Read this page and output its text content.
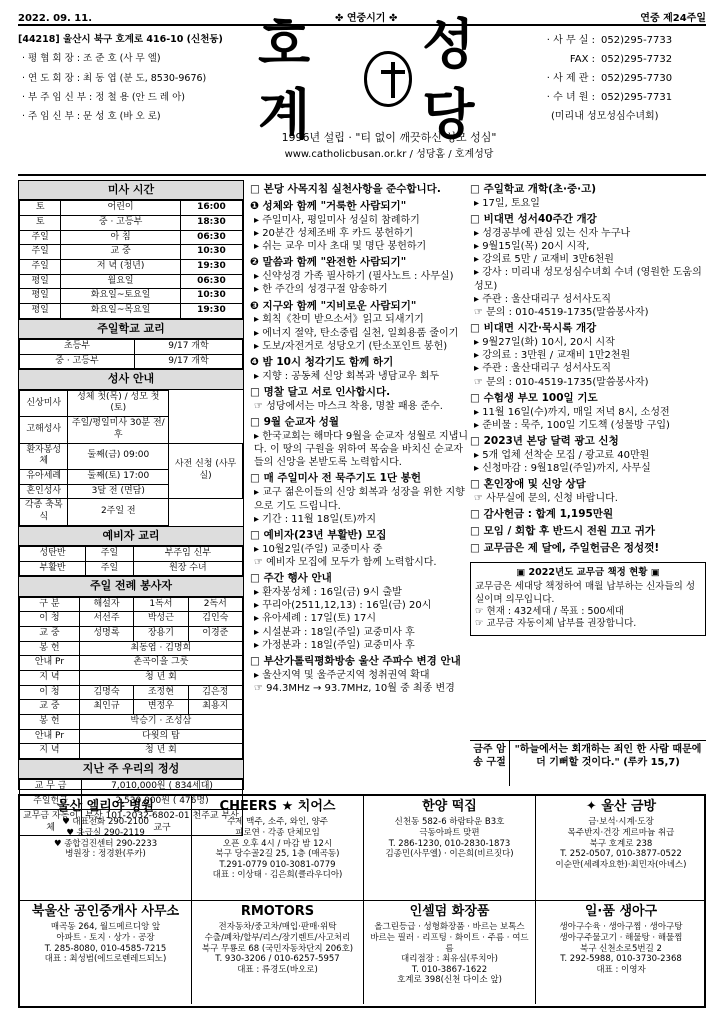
2022. 09. 11.	✤ 연중시기 ✤	연중 제24주일
[44218] 울산시 북구 호계로 416-10 (신천동)
· 평 협 회 장 : 조 준 호 (사 무 엘)
· 연 도 회 장 : 최 동 엽 (분 도, 8530-9676)
· 부 주 임 신 부 : 정 철 용 (안 드 레 아)
· 주 임 신 부 : 문 성 호 (바 오 로)
호계
성당
1996년 설립 · "티 없이 깨끗하신 성모 성심"
www.catholicbusan.or.kr / 성당홈 / 호계성당
· 사 무 실 : 052)295-7733
FAX : 052)295-7732
· 사 제 관 : 052)295-7730
· 수 녀 원 : 052)295-7731
(미리내 성모성심수녀회)
미사 시간
토	어린이	16:00
토	중 · 고등부	18:30
주일	아 침	06:30
주일	교 중	10:30
주일	저 녁 (청년)	19:30
평일	월요일	06:30
평일	화요일~토요일	10:30
평일	화요일~목요일	19:30
주일학교 교리
초등부	9/17 개학
중 · 고등부	9/17 개학
성사 안내
신상미사	성체 첫(목) / 성모 첫(토)	
고해성사	주일/평일미사 30분 전/후	
환자봉성체	둘째(금) 09:00	사전 신청 (사무실)
유아세례	둘째(토) 17:00	
혼인성사	3달 전 (면담)	
각종 축복식	2주일 전	
예비자 교리
성탄반	주일	부주임 신부
부활반	주일	원장 수녀
주일 전례 봉사자
구 분	해설자	1독서	2독서
이 청	서선주	박성근	김인숙
교 중	성명록	장용기	이경준
봉 헌	최동엽 · 김명희		
안내 Pr	촌곡이을 그룻		
지 녁	청 년 회		
이 청	김명숙	조정현	김은정
교 중	최인규	변정우	최용지
봉 헌	박승기 · 조성삼		
안내 Pr	다윗의 탑		
지 녁	청 년 회		
지난 주 우리의 정성
교 무 금	7,010,000원 ( 834세대)
주일헌금	2,530,000원 ( 476명)
교무금 자동이체	부산 101-2032-6802-01 천주교 부산교구
□ 본당 사목지침 실천사항을 준수합니다.
❶ 성체와 함께 "거룩한 사람되기"
▸ 주일미사, 평일미사 성실히 참례하기
▸ 20분간 성체조배 후 카드 봉헌하기
▸ 쉬는 교우 미사 초대 및 명단 봉헌하기
❷ 말씀과 함께 "완전한 사람되기"
▸ 신약성경 가족 필사하기 (필사노트 : 사무실)
▸ 한 주간의 성경구절 암송하기
❸ 지구와 함께 "지비로운 사람되기"
▸ 회칙《찬미 받으소서》읽고 되새기기
▸ 에너지 절약, 탄소중립 실천, 일회용품 줄이기
▸ 도보/자전거로 성당오기 (탄소포인트 봉헌)
❹ 밤 10시 청각기도 함께 하기
▸ 지향 : 공동체 신앙 회복과 냉담교우 회두
□ 명찰 달고 서로 인사합시다.
☞ 성당에서는 마스크 착용, 명찰 패용 준수.
□ 9월 순교자 성월
▸ 한국교회는 해마다 9월을 순교자 성월로 지냅니다. 이 땅의 구원을 위하여 목숨을 바치신 순교자들의 신앙을 본받도록 노력합시다.
□ 매 주일미사 전 묵주기도 1단 봉헌
▸ 교구 젊은이들의 신앙 회복과 성장을 위한 지향으로 기도 드립니다.
▸ 기간 : 11월 18일(토)까지
□ 예비자(23년 부활반) 모집
▸ 10월2일(주일) 교중미사 중
☞ 예비자 모집에 모두가 함께 노력합시다.
□ 주간 행사 안내
▸ 환자봉성체 : 16일(금) 9시 출발
▸ 꾸리아(2511,12,13) : 16일(금) 20시
▸ 유아세례 : 17일(토) 17시
▸ 시설분과 : 18일(주일) 교중미사 후
▸ 가정분과 : 18일(주일) 교중미사 후
□ 부산가톨릭평화방송 울산 주파수 변경 안내
▸ 울산지역 및 울주군지역 청취권역 확대
☞ 94.3MHz → 93.7MHz, 10월 중 최종 변경
□ 주일학교 개학(초·중·고)
▸ 17일, 토요일
□ 비대면 성서40주간 개강
▸ 성경공부에 관심 있는 신자 누구나
▸ 9월15일(목) 20시 시작,
▸ 강의료 5만 / 교재비 3만6천원
▸ 강사 : 미리내 성모성심수녀회 수녀 (영원한 도움의 성모)
▸ 주관 : 울산대리구 성서사도직
☞ 문의 : 010-4519-1735(말씀봉사자)
□ 비대면 시간·묵시록 개강
▸ 9월27일(화) 10시, 20시 시작
▸ 강의료 : 3만원 / 교재비 1만2천원
▸ 주관 : 울산대리구 성서사도직
☞ 문의 : 010-4519-1735(말씀봉사자)
□ 수험생 부모 100일 기도
▸ 11월 16일(수)까지, 매일 저녁 8시, 소성전
▸ 준비물 : 묵주, 100일 기도책 (성물방 구입)
□ 2023년 본당 달력 광고 신청
▸ 5개 업체 선착순 모집 / 광고료 40만원
▸ 신청마감 : 9월18일(주일)까지, 사무실
□ 혼인장애 및 신앙 상담
☞ 사무실에 문의, 신청 바랍니다.
□ 감사헌금 : 합계 1,195만원
□ 모임 / 회합 후 반드시 전원 끄고 귀가
□ 교무금은 제 달에, 주일헌금은 정성껏!
▣ 2022년도 교무금 책정 현황 ▣
교무금은 세대당 책정하여 매월 납부하는 신자들의 성실이며 의무입니다.
☞ 현재 : 432세대 / 목표 : 500세대
☞ 교무금 자동이체 납부를 권장합니다.
금주 암송 구절
"하늘에서는 회개하는 죄인 한 사람 때문에 더 기뻐할 것이다." (루카 15,7)
울산 엘리야 병원
♥ 대표전화 290-2100
♥ 응급실 290-2119
♥ 종합검진센터 290-2233
병원장 : 정경환(루카)
CHEERS ★ 치어스
수제 맥주, 소주, 와인, 양주
피로연 · 각종 단체모임
오픈 오후 4시 / 마감 밤 12시
북구 당수골2길 25, 1층 (매곡동)
T.291-0779 010-3081-0779
대표 : 이상태 · 김은희(클라우디아)
한양 떡집
신천동 582-6 하람타운 B3호
극동아파트 맞편
T. 286-1230, 010-2830-1873
김종민(사무엘) · 이은희(비르짓다)
✦ 울산 금방
금·보석·시계·도장
목주반지·건강 게르마늄 취급
북구 호계로 238
T. 252-0507, 010-3877-0522
이순만(세례자요한)·최민자(아녜스)
북울산 공인중개사 사무소
매곡동 264, 월드메르디앙 앞
아파트 · 토지 · 상가 · 공장
T. 285-8080, 010-4585-7215
대표 : 최성범(에드로렌레드되노)
RMOTORS
전자동차/중고차/매입·판매·위탁
수출/폐차/할부/리스/장기렌트/사고처리
북구 무룡로 68 (국민자동차단지 206호)
T. 930-3206 / 010-6257-5957
대표 : 류경도(바오로)
인셀덤 화장품
올그린등급 · 성형화장품 · 바르는 보톡스
바르는 필러 · 리프팅 · 화이트 · 주름 · 여드름
대리점장 : 최유심(루치아)
T. 010-3867-1622
호계로 398(신천 다이소 앞)
일·품 생아구
생아구수육 · 생아구찜 · 생아구탕
생아구주물고기 · 해물탕 · 해물찜
북구 신천소로5번길 2
T. 292-5988, 010-3730-2368
대표 : 이영자
